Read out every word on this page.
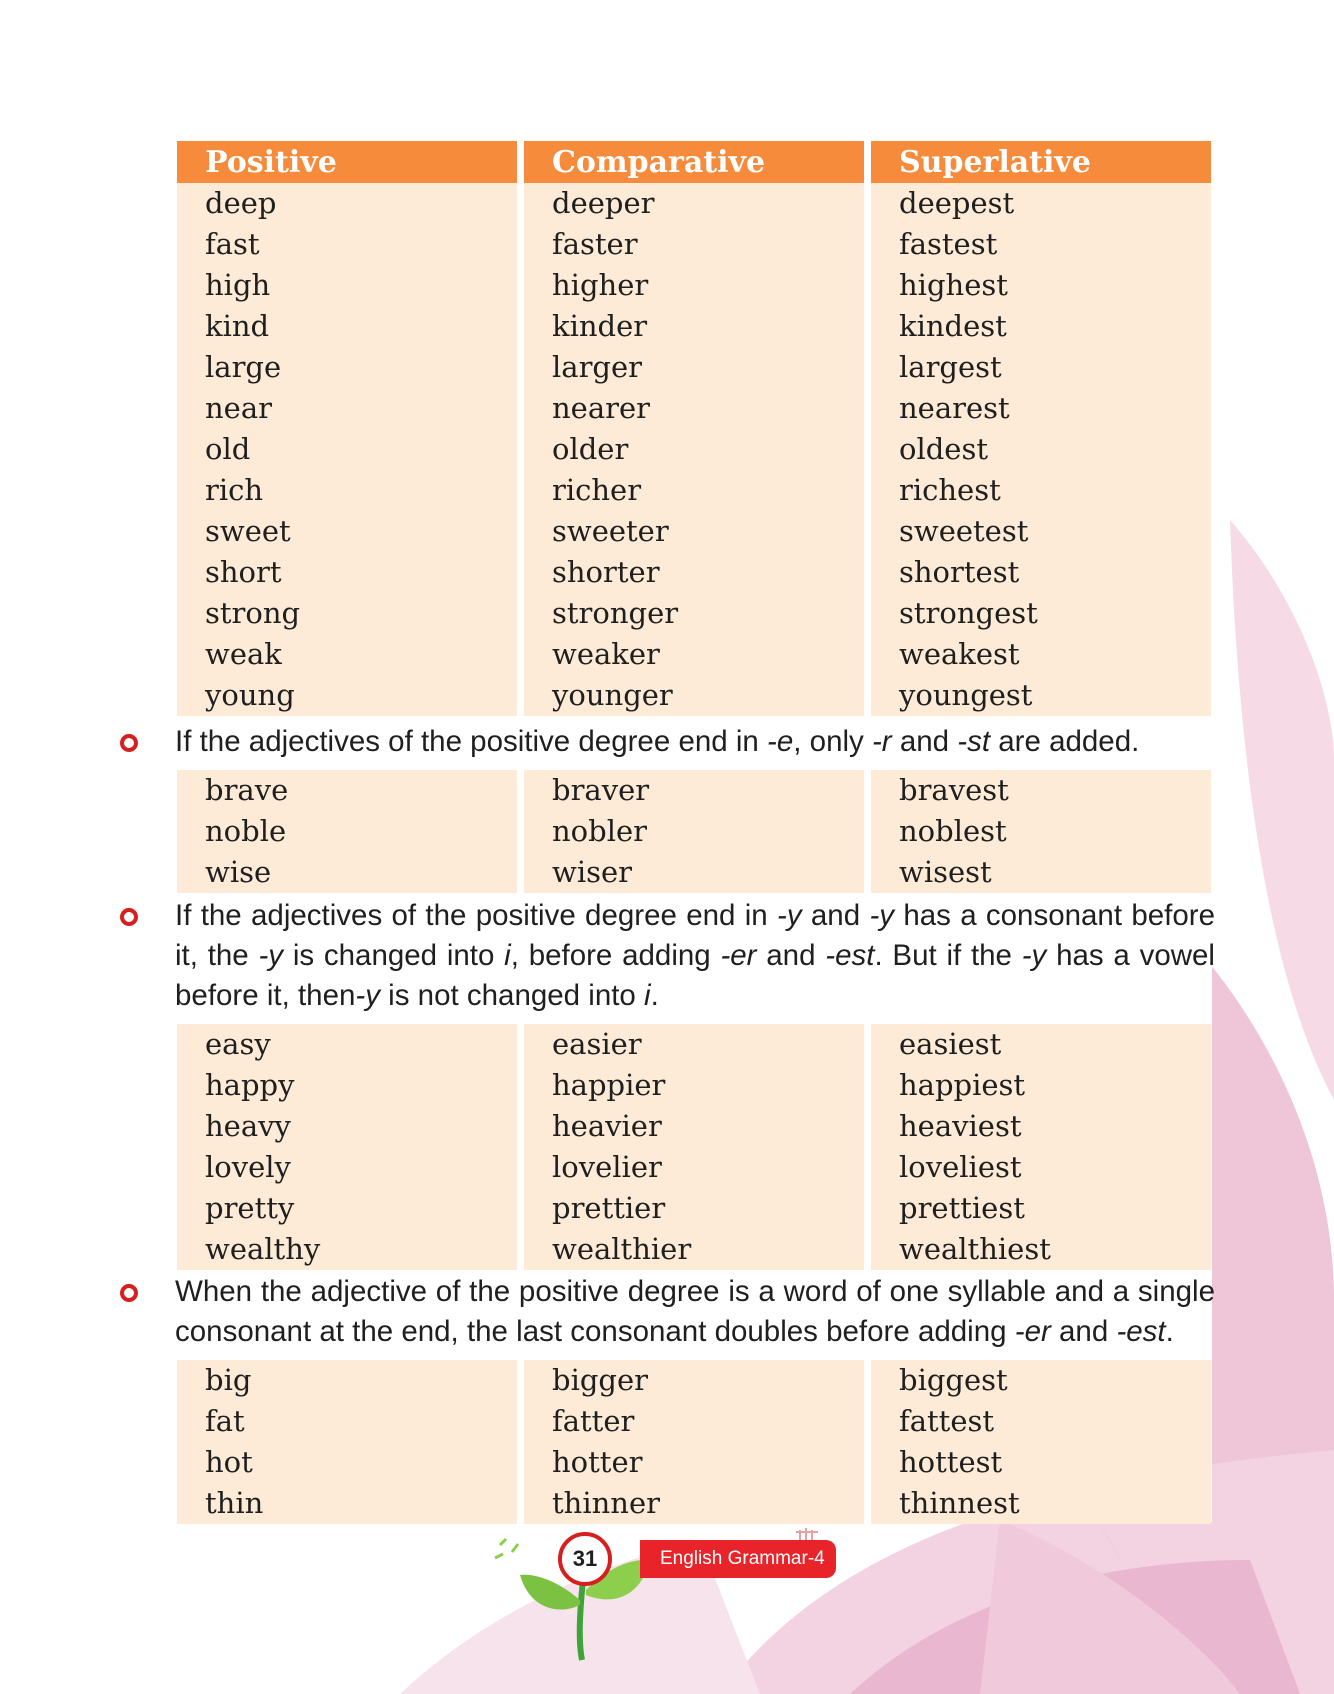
Positive
deep
fast
high
kind
large
near
old
rich
sweet
short
strong
weak
young
Comparative
deeper
faster
higher
kinder
larger
nearer
older
richer
sweeter
shorter
stronger
weaker
younger
Superlative
deepest
fastest
highest
kindest
largest
nearest
oldest
richest
sweetest
shortest
strongest
weakest
youngest
If the adjectives of the positive degree end in -e, only -r and -st are added.
brave
noble
wise
braver
nobler
wiser
bravest
noblest
wisest
If the adjectives of the positive degree end in -y and -y has a consonant before it, the -y is changed into i, before adding -er and -est. But if the -y has a vowel before it, then-y is not changed into i.
easy
happy
heavy
lovely
pretty
wealthy
easier
happier
heavier
lovelier
prettier
wealthier
easiest
happiest
heaviest
loveliest
prettiest
wealthiest
When the adjective of the positive degree is a word of one syllable and a single consonant at the end, the last consonant doubles before adding -er and -est.
big
fat
hot
thin
bigger
fatter
hotter
thinner
biggest
fattest
hottest
thinnest
31	English Grammar-4
